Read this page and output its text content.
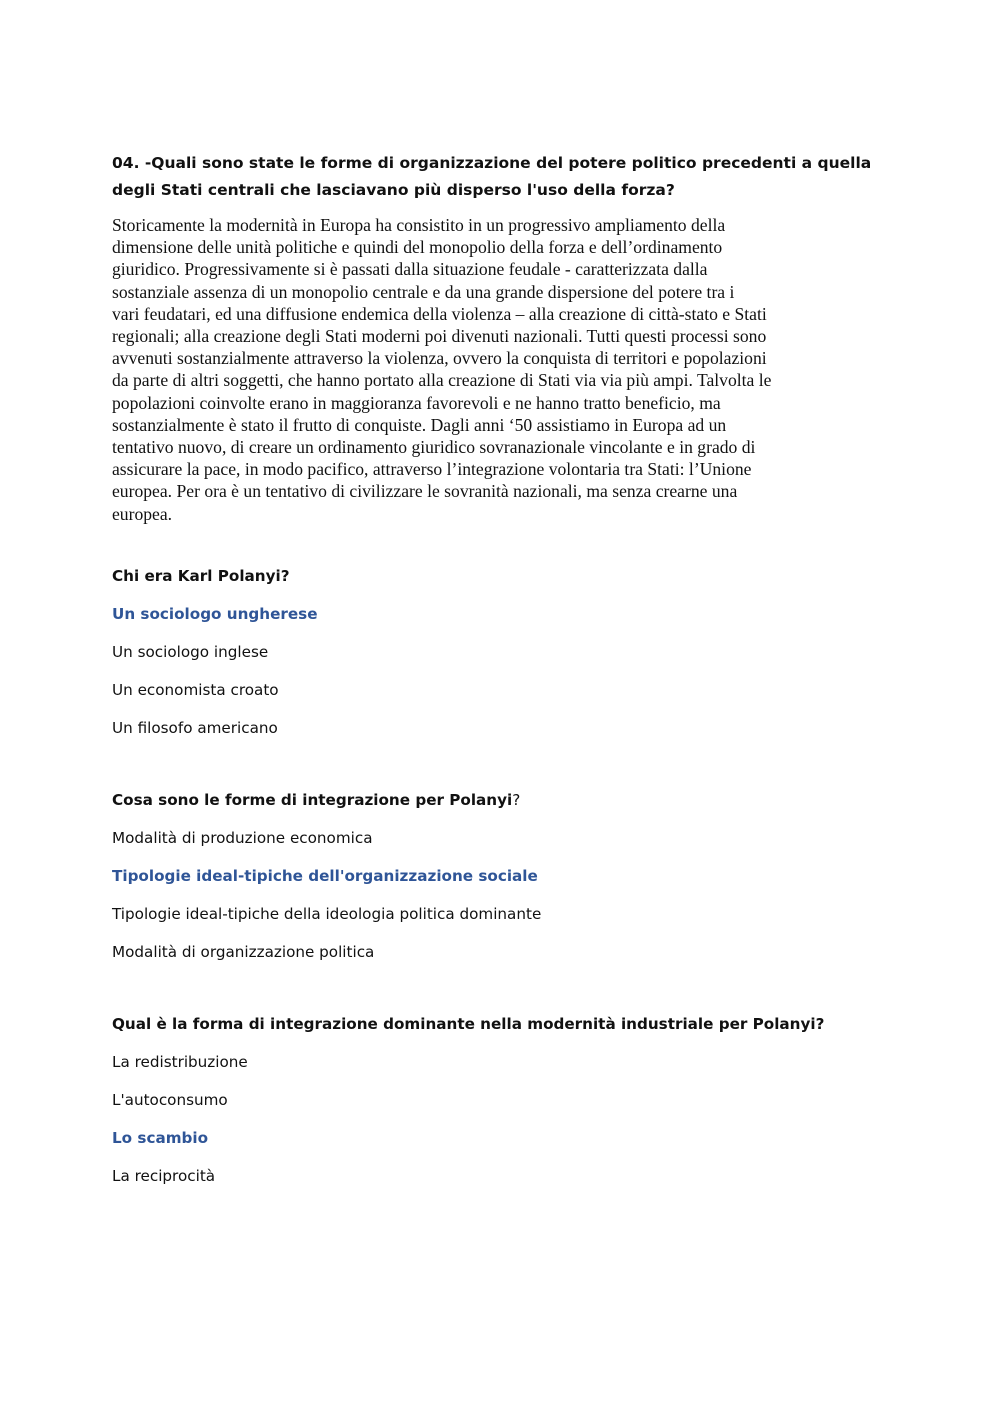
04. -Quali sono state le forme di organizzazione del potere politico precedenti a quella degli Stati centrali che lasciavano più disperso l'uso della forza?

Storicamente la modernità in Europa ha consistito in un progressivo ampliamento della
dimensione delle unità politiche e quindi del monopolio della forza e dell’ordinamento
giuridico. Progressivamente si è passati dalla situazione feudale - caratterizzata dalla
sostanziale assenza di un monopolio centrale e da una grande dispersione del potere tra i
vari feudatari, ed una diffusione endemica della violenza – alla creazione di città-stato e Stati
regionali; alla creazione degli Stati moderni poi divenuti nazionali. Tutti questi processi sono
avvenuti sostanzialmente attraverso la violenza, ovvero la conquista di territori e popolazioni
da parte di altri soggetti, che hanno portato alla creazione di Stati via via più ampi. Talvolta le
popolazioni coinvolte erano in maggioranza favorevoli e ne hanno tratto beneficio, ma
sostanzialmente è stato il frutto di conquiste. Dagli anni ‘50 assistiamo in Europa ad un
tentativo nuovo, di creare un ordinamento giuridico sovranazionale vincolante e in grado di
assicurare la pace, in modo pacifico, attraverso l’integrazione volontaria tra Stati: l’Unione
europea. Per ora è un tentativo di civilizzare le sovranità nazionali, ma senza crearne una
europea.

Chi era Karl Polanyi?

Un sociologo ungherese

Un sociologo inglese

Un economista croato

Un filosofo americano

Cosa sono le forme di integrazione per Polanyi?

Modalità di produzione economica

Tipologie ideal-tipiche dell'organizzazione sociale

Tipologie ideal-tipiche della ideologia politica dominante

Modalità di organizzazione politica

Qual è la forma di integrazione dominante nella modernità industriale per Polanyi?

La redistribuzione

L'autoconsumo

Lo scambio

La reciprocità
